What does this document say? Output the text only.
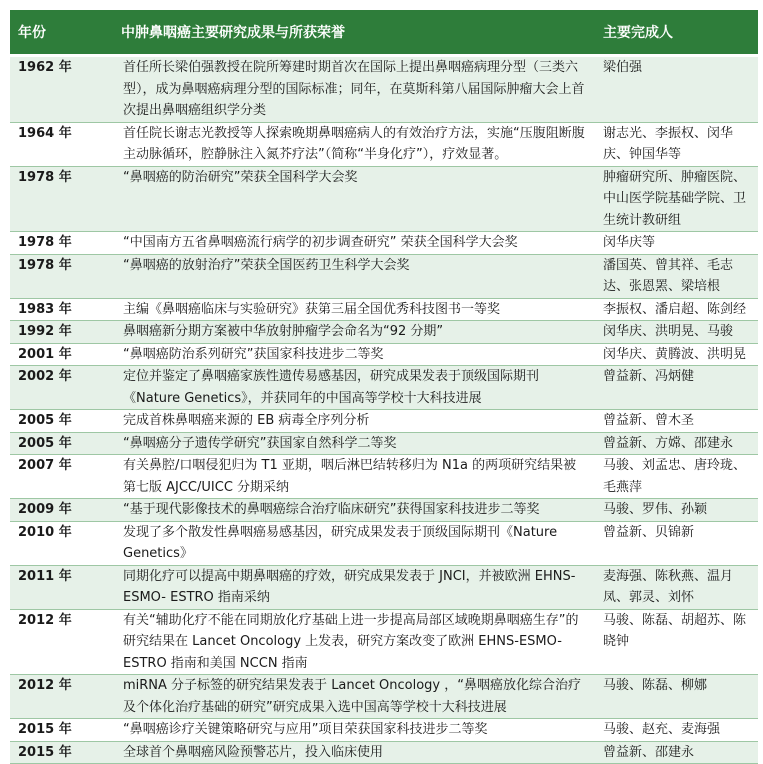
年份	中肿鼻咽癌主要研究成果与所获荣誉	主要完成人
1962 年	首任所长梁伯强教授在院所筹建时期首次在国际上提出鼻咽癌病理分型（三类六型），成为鼻咽癌病理分型的国际标准；同年，在莫斯科第八届国际肿瘤大会上首次提出鼻咽癌组织学分类	梁伯强
1964 年	首任院长谢志光教授等人探索晚期鼻咽癌病人的有效治疗方法，实施“压腹阻断腹主动脉循环，腔静脉注入氮芥疗法”（简称“半身化疗”），疗效显著。	谢志光、李振权、闵华庆、钟国华等
1978 年	“鼻咽癌的防治研究”荣获全国科学大会奖	肿瘤研究所、肿瘤医院、中山医学院基础学院、卫生统计教研组
1978 年	“中国南方五省鼻咽癌流行病学的初步调查研究” 荣获全国科学大会奖	闵华庆等
1978 年	“鼻咽癌的放射治疗”荣获全国医药卫生科学大会奖	潘国英、曾其祥、毛志达、张恩罴、梁培根
1983 年	主编《鼻咽癌临床与实验研究》获第三届全国优秀科技图书一等奖	李振权、潘启超、陈剑经
1992 年	鼻咽癌新分期方案被中华放射肿瘤学会命名为“92 分期”	闵华庆、洪明晃、马骏
2001 年	“鼻咽癌防治系列研究”获国家科技进步二等奖	闵华庆、黄腾波、洪明晃
2002 年	定位并鉴定了鼻咽癌家族性遗传易感基因，研究成果发表于顶级国际期刊《Nature Genetics》，并获同年的中国高等学校十大科技进展	曾益新、冯炳健
2005 年	完成首株鼻咽癌来源的 EB 病毒全序列分析	曾益新、曾木圣
2005 年	“鼻咽癌分子遗传学研究”获国家自然科学二等奖	曾益新、方嫦、邵建永
2007 年	有关鼻腔/口咽侵犯归为 T1 亚期，咽后淋巴结转移归为 N1a 的两项研究结果被第七版 AJCC/UICC 分期采纳	马骏、刘孟忠、唐玲珑、毛燕萍
2009 年	“基于现代影像技术的鼻咽癌综合治疗临床研究”获得国家科技进步二等奖	马骏、罗伟、孙颖
2010 年	发现了多个散发性鼻咽癌易感基因，研究成果发表于顶级国际期刊《Nature Genetics》	曾益新、贝锦新
2011 年	同期化疗可以提高中期鼻咽癌的疗效，研究成果发表于 JNCI，并被欧洲 EHNS-ESMO- ESTRO 指南采纳	麦海强、陈秋燕、温月凤、郭灵、刘怀
2012 年	有关“辅助化疗不能在同期放化疗基础上进一步提高局部区域晚期鼻咽癌生存”的研究结果在 Lancet Oncology 上发表，研究方案改变了欧洲 EHNS-ESMO-ESTRO 指南和美国 NCCN 指南	马骏、陈磊、胡超苏、陈晓钟
2012 年	miRNA 分子标签的研究结果发表于 Lancet Oncology ，“鼻咽癌放化综合治疗及个体化治疗基础的研究”研究成果入选中国高等学校十大科技进展	马骏、陈磊、柳娜
2015 年	“鼻咽癌诊疗关键策略研究与应用”项目荣获国家科技进步二等奖	马骏、赵充、麦海强
2015 年	全球首个鼻咽癌风险预警芯片，投入临床使用	曾益新、邵建永
